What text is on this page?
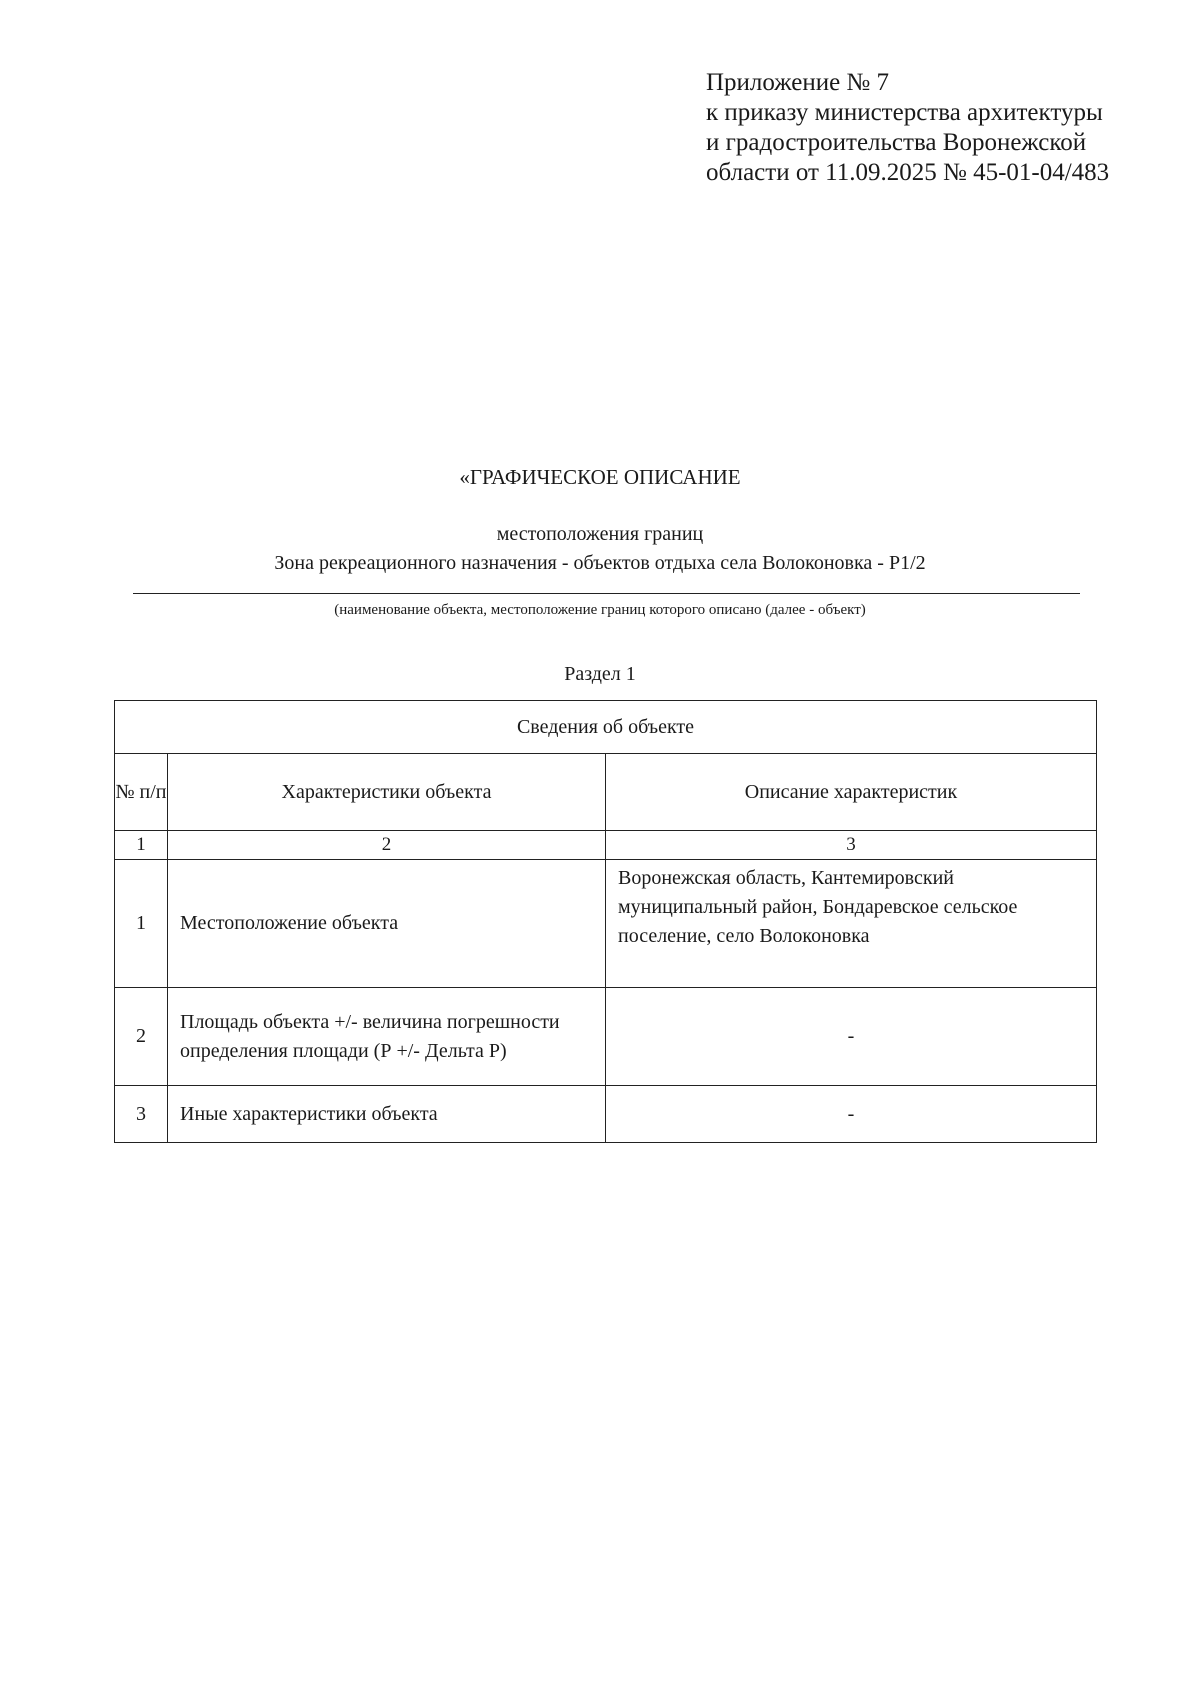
Приложение № 7
к приказу министерства архитектуры
и градостроительства Воронежской
области от 11.09.2025 № 45-01-04/483
«ГРАФИЧЕСКОЕ ОПИСАНИЕ
местоположения границ
Зона рекреационного назначения - объектов отдыха села Волоконовка - Р1/2
(наименование объекта, местоположение границ которого описано (далее - объект)
Раздел 1
Сведения об объекте		
№ п/п	Характеристики объекта	Описание характеристик
1	2	3
1	Местоположение объекта	Воронежская область, Кантемировский муниципальный район, Бондаревское сельское поселение, село Волоконовка
2	Площадь объекта +/- величина погрешности определения площади (Р +/- Дельта Р)	-
3	Иные характеристики объекта	-
